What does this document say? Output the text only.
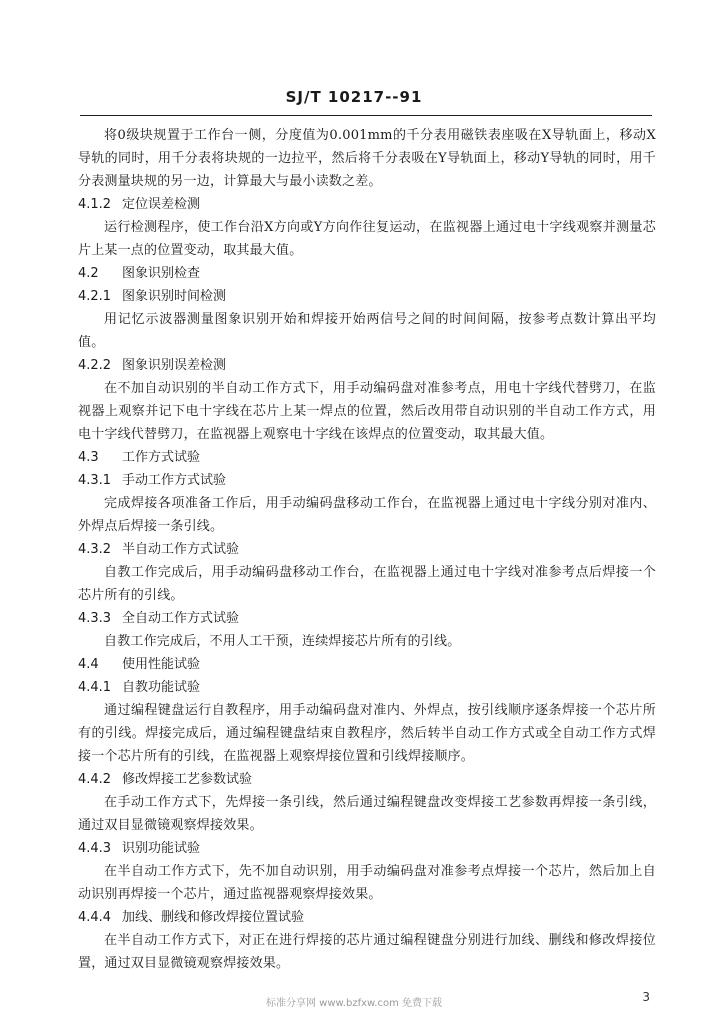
SJ/T 10217--91

将0级块规置于工作台一侧，分度值为0.001mm的千分表用磁铁表座吸在X导轨面上，移动X导轨的同时，用千分表将块规的一边拉平，然后将千分表吸在Y导轨面上，移动Y导轨的同时，用千分表测量块规的另一边，计算最大与最小读数之差。

4.1.2 定位误差检测

运行检测程序，使工作台沿X方向或Y方向作往复运动，在监视器上通过电十字线观察并测量芯片上某一点的位置变动，取其最大值。

4.2 图象识别检查

4.2.1 图象识别时间检测

用记忆示波器测量图象识别开始和焊接开始两信号之间的时间间隔，按参考点数计算出平均值。

4.2.2 图象识别误差检测

在不加自动识别的半自动工作方式下，用手动编码盘对准参考点，用电十字线代替劈刀，在监视器上观察并记下电十字线在芯片上某一焊点的位置，然后改用带自动识别的半自动工作方式，用电十字线代替劈刀，在监视器上观察电十字线在该焊点的位置变动，取其最大值。

4.3 工作方式试验

4.3.1 手动工作方式试验

完成焊接各项准备工作后，用手动编码盘移动工作台，在监视器上通过电十字线分别对准内、外焊点后焊接一条引线。

4.3.2 半自动工作方式试验

自教工作完成后，用手动编码盘移动工作台，在监视器上通过电十字线对准参考点后焊接一个芯片所有的引线。

4.3.3 全自动工作方式试验

自教工作完成后，不用人工干预，连续焊接芯片所有的引线。

4.4 使用性能试验

4.4.1 自教功能试验

通过编程键盘运行自教程序，用手动编码盘对准内、外焊点，按引线顺序逐条焊接一个芯片所有的引线。焊接完成后，通过编程键盘结束自教程序，然后转半自动工作方式或全自动工作方式焊接一个芯片所有的引线，在监视器上观察焊接位置和引线焊接顺序。

4.4.2 修改焊接工艺参数试验

在手动工作方式下，先焊接一条引线，然后通过编程键盘改变焊接工艺参数再焊接一条引线，通过双目显微镜观察焊接效果。

4.4.3 识别功能试验

在半自动工作方式下，先不加自动识别，用手动编码盘对准参考点焊接一个芯片，然后加上自动识别再焊接一个芯片，通过监视器观察焊接效果。

4.4.4 加线、删线和修改焊接位置试验

在半自动工作方式下，对正在进行焊接的芯片通过编程键盘分别进行加线、删线和修改焊接位置，通过双目显微镜观察焊接效果。

标准分享网 www.bzfxw.com 免费下载	3
